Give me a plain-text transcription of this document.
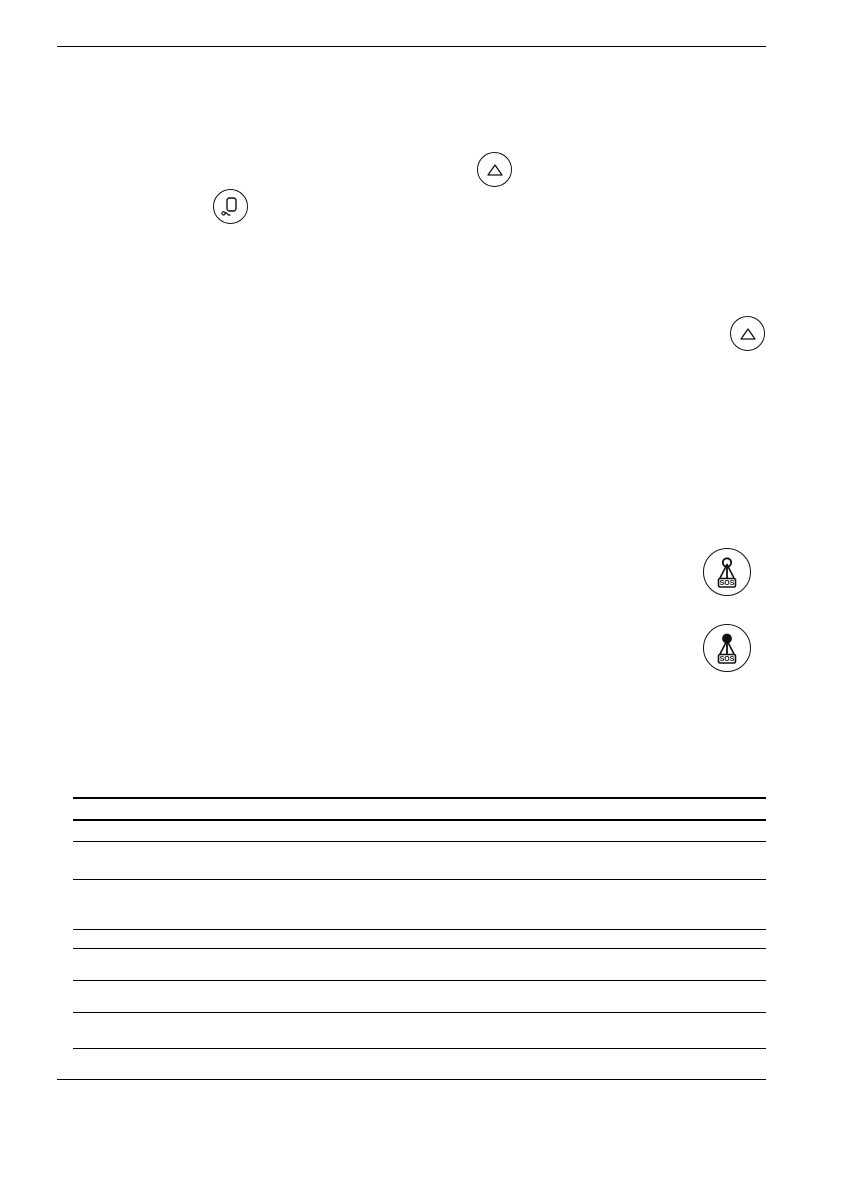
SOS
SOS
